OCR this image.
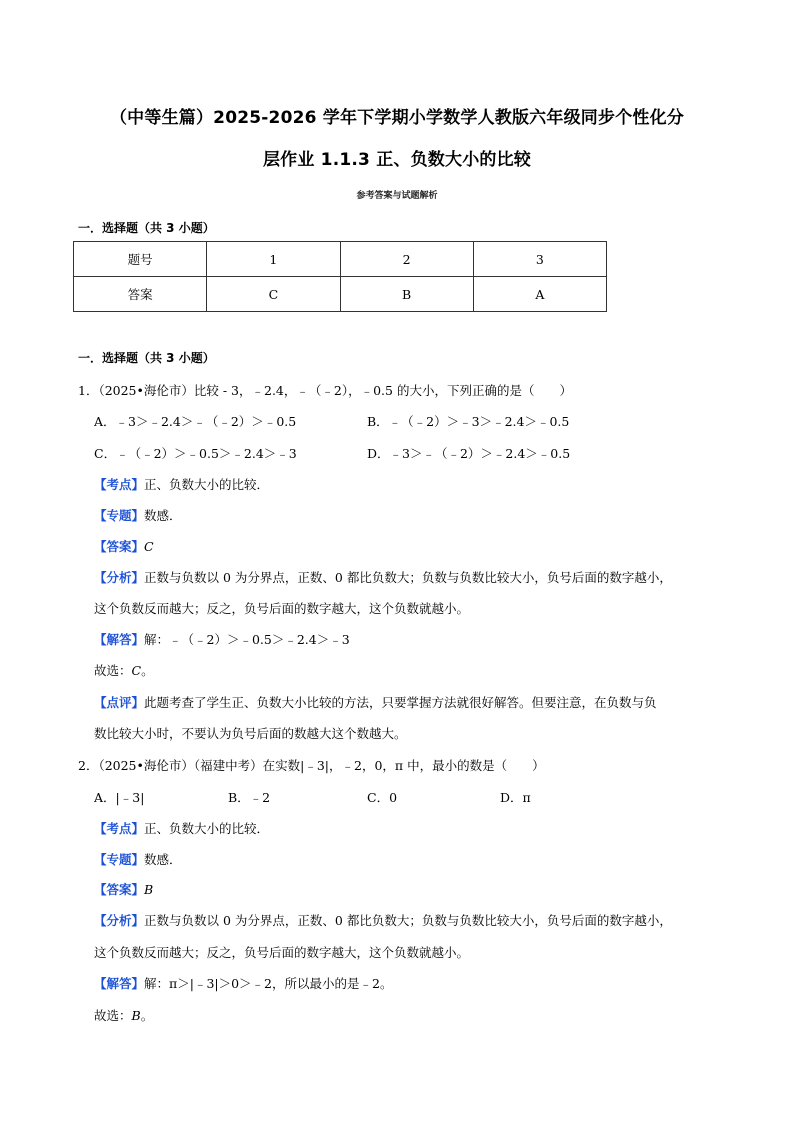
（中等生篇）2025-2026 学年下学期小学数学人教版六年级同步个性化分
层作业 1.1.3 正、负数大小的比较
参考答案与试题解析
一．选择题（共 3 小题）
题号	1	2	3
答案	C	B	A
一．选择题（共 3 小题）
1．（2025•海伦市）比较 - 3，﹣2.4，﹣（﹣2），﹣0.5 的大小，下列正确的是（　　）
A．﹣3＞﹣2.4＞﹣（﹣2）＞﹣0.5	B．﹣（﹣2）＞﹣3＞﹣2.4＞﹣0.5
C．﹣（﹣2）＞﹣0.5＞﹣2.4＞﹣3	D．﹣3＞﹣（﹣2）＞﹣2.4＞﹣0.5
【考点】正、负数大小的比较．
【专题】数感．
【答案】C
【分析】正数与负数以 0 为分界点，正数、0 都比负数大；负数与负数比较大小，负号后面的数字越小，
这个负数反而越大；反之，负号后面的数字越大，这个负数就越小。
【解答】解：﹣（﹣2）＞﹣0.5＞﹣2.4＞﹣3
故选：C。
【点评】此题考查了学生正、负数大小比较的方法，只要掌握方法就很好解答。但要注意，在负数与负
数比较大小时，不要认为负号后面的数越大这个数越大。
2．（2025•海伦市）（福建中考）在实数|﹣3|，﹣2，0，π 中，最小的数是（　　）
A．|﹣3|	B．﹣2	C．0	D．π
【考点】正、负数大小的比较．
【专题】数感．
【答案】B
【分析】正数与负数以 0 为分界点，正数、0 都比负数大；负数与负数比较大小，负号后面的数字越小，
这个负数反而越大；反之，负号后面的数字越大，这个负数就越小。
【解答】解：π＞|﹣3|＞0＞﹣2，所以最小的是﹣2。
故选：B。
